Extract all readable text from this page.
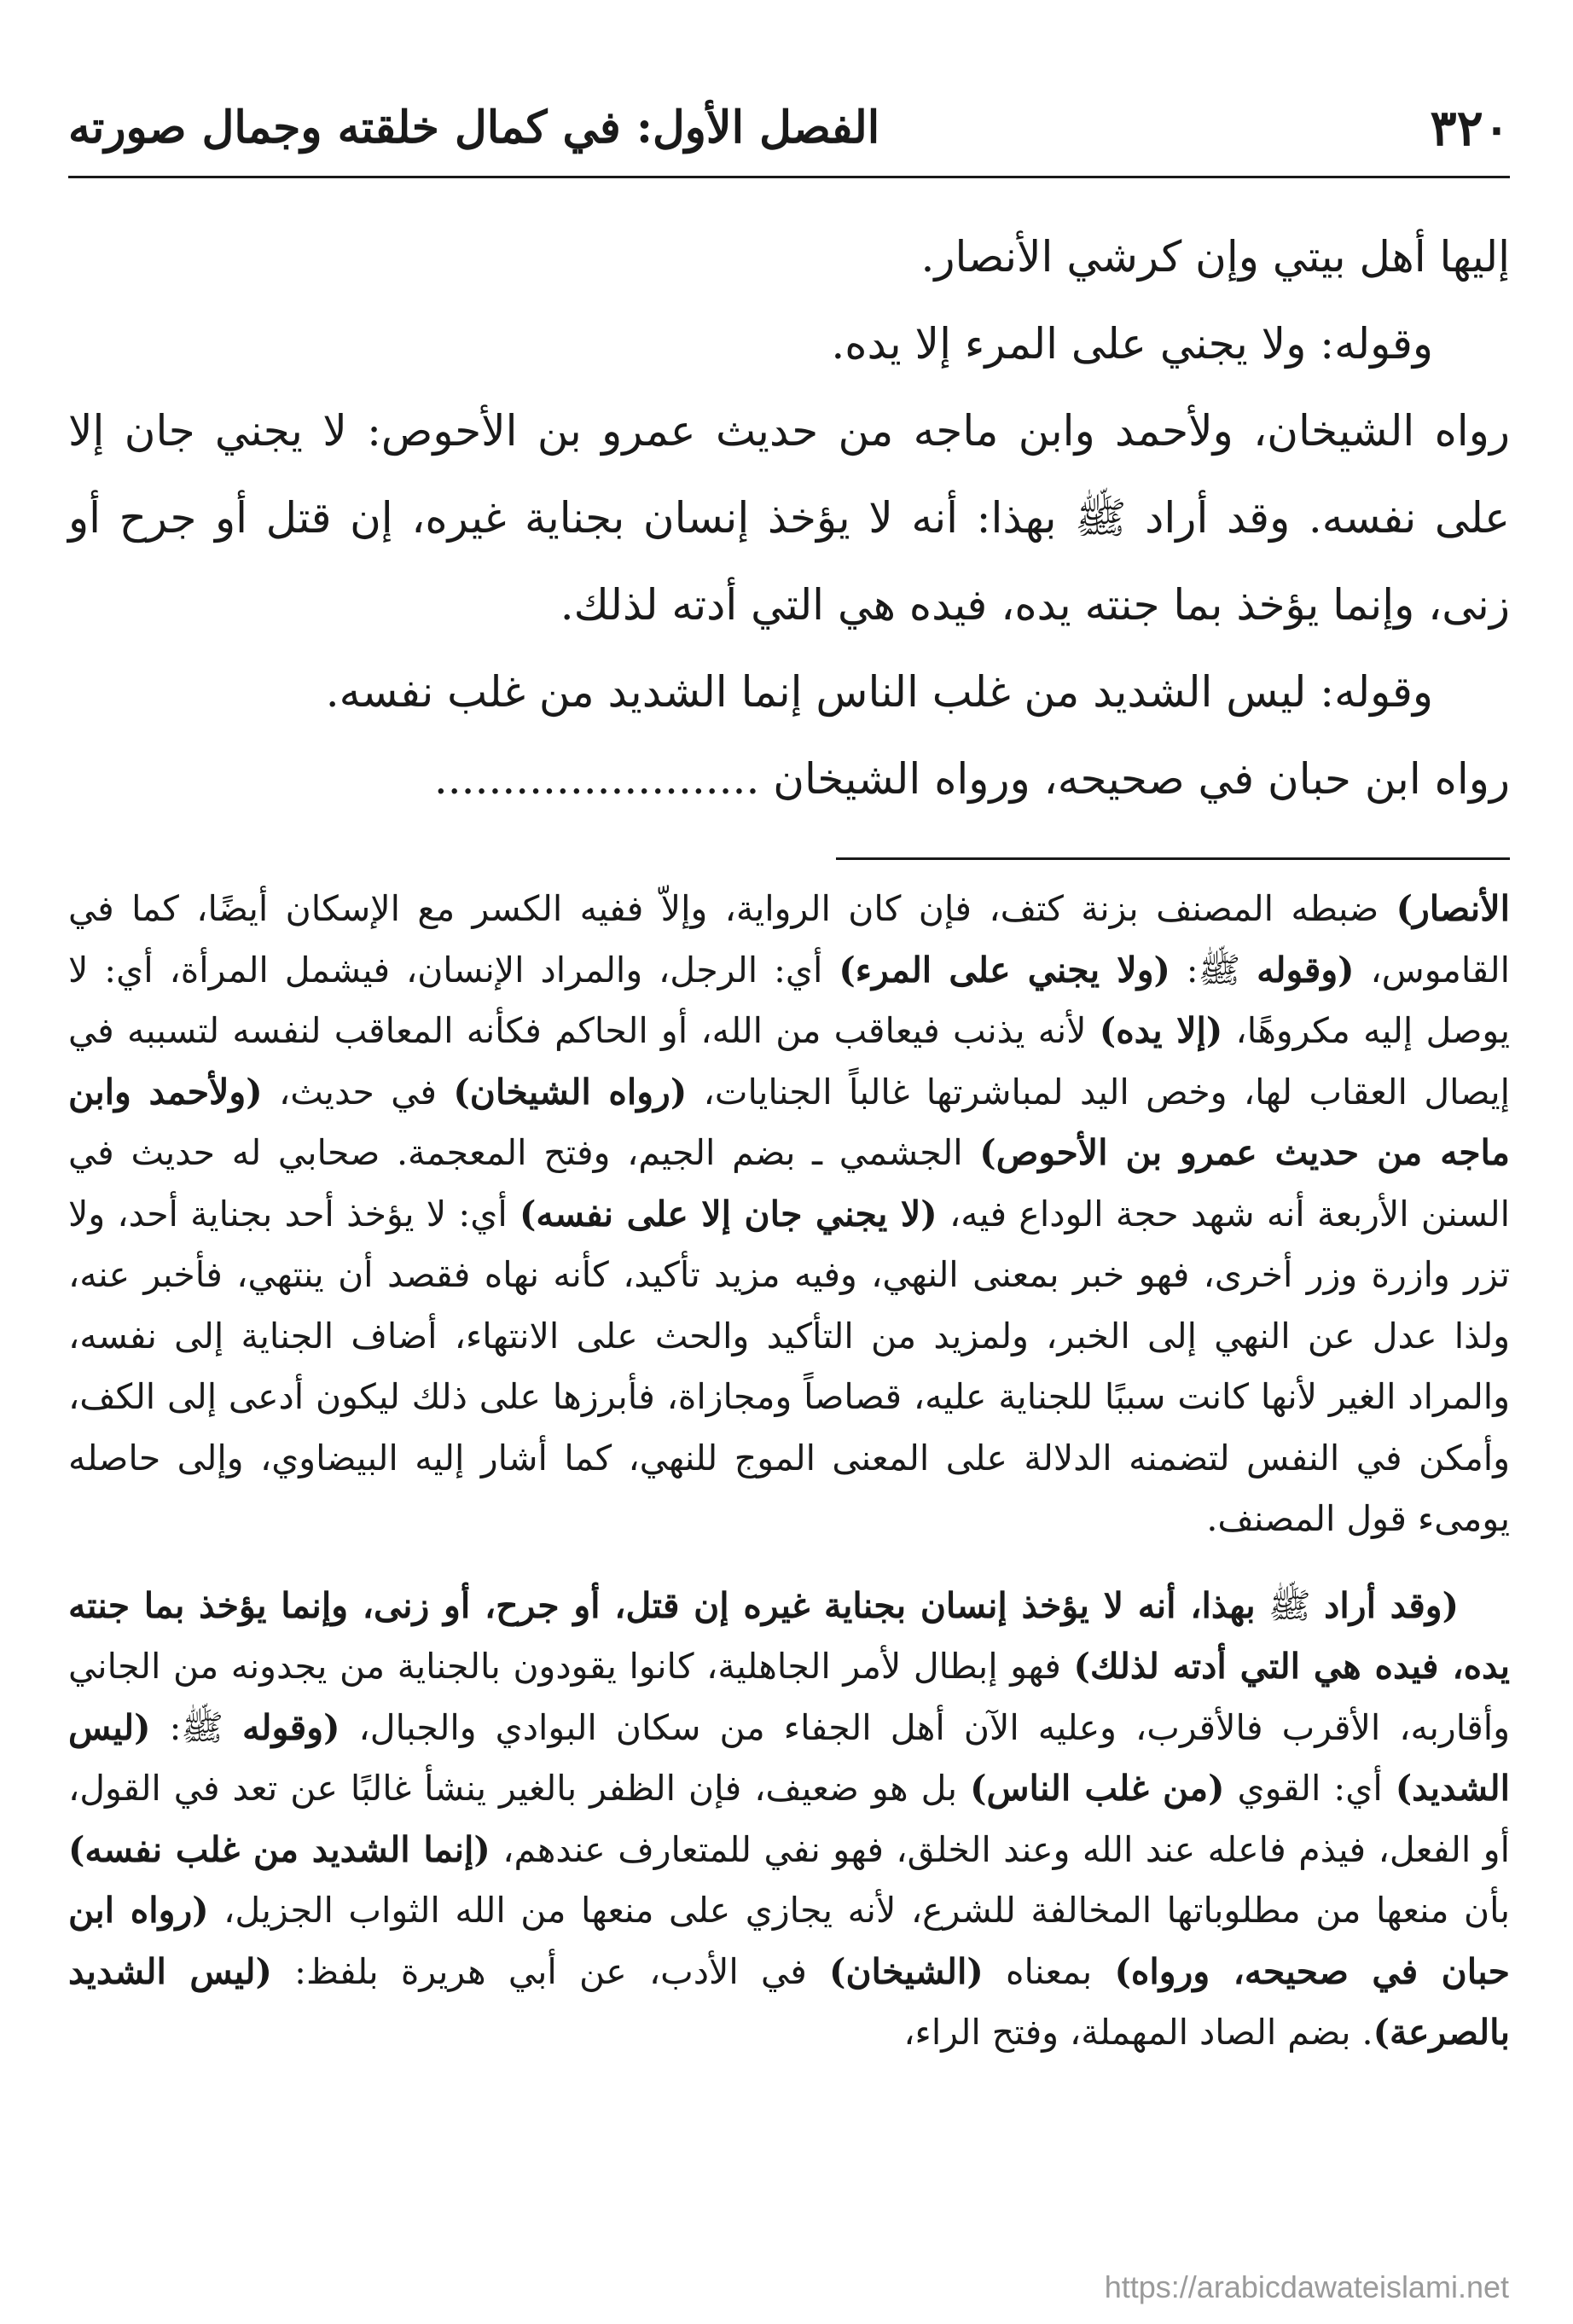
٣٢٠
الفصل الأول: في كمال خلقته وجمال صورته

إليها أهل بيتي وإن كرشي الأنصار.

وقوله: ولا يجني على المرء إلا يده.

رواه الشيخان، ولأحمد وابن ماجه من حديث عمرو بن الأحوص: لا يجني جان إلا على نفسه. وقد أراد ﷺ بهذا: أنه لا يؤخذ إنسان بجناية غيره، إن قتل أو جرح أو زنى، وإنما يؤخذ بما جنته يده، فيده هي التي أدته لذلك.

وقوله: ليس الشديد من غلب الناس إنما الشديد من غلب نفسه.

رواه ابن حبان في صحيحه، ورواه الشيخان ........................

الأنصار) ضبطه المصنف بزنة كتف، فإن كان الرواية، وإلاّ ففيه الكسر مع الإسكان أيضًا، كما في القاموس، (وقوله ﷺ: (ولا يجني على المرء) أي: الرجل، والمراد الإنسان، فيشمل المرأة، أي: لا يوصل إليه مكروهًا، (إلا يده) لأنه يذنب فيعاقب من الله، أو الحاكم فكأنه المعاقب لنفسه لتسببه في إيصال العقاب لها، وخص اليد لمباشرتها غالباً الجنايات، (رواه الشيخان) في حديث، (ولأحمد وابن ماجه من حديث عمرو بن الأحوص) الجشمي ـ بضم الجيم، وفتح المعجمة. صحابي له حديث في السنن الأربعة أنه شهد حجة الوداع فيه، (لا يجني جان إلا على نفسه) أي: لا يؤخذ أحد بجناية أحد، ولا تزر وازرة وزر أخرى، فهو خبر بمعنى النهي، وفيه مزيد تأكيد، كأنه نهاه فقصد أن ينتهي، فأخبر عنه، ولذا عدل عن النهي إلى الخبر، ولمزيد من التأكيد والحث على الانتهاء، أضاف الجناية إلى نفسه، والمراد الغير لأنها كانت سببًا للجناية عليه، قصاصاً ومجازاة، فأبرزها على ذلك ليكون أدعى إلى الكف، وأمكن في النفس لتضمنه الدلالة على المعنى الموج للنهي، كما أشار إليه البيضاوي، وإلى حاصله يومىء قول المصنف.

(وقد أراد ﷺ بهذا، أنه لا يؤخذ إنسان بجناية غيره إن قتل، أو جرح، أو زنى، وإنما يؤخذ بما جنته يده، فيده هي التي أدته لذلك) فهو إبطال لأمر الجاهلية، كانوا يقودون بالجناية من يجدونه من الجاني وأقاربه، الأقرب فالأقرب، وعليه الآن أهل الجفاء من سكان البوادي والجبال، (وقوله ﷺ: (ليس الشديد) أي: القوي (من غلب الناس) بل هو ضعيف، فإن الظفر بالغير ينشأ غالبًا عن تعد في القول، أو الفعل، فيذم فاعله عند الله وعند الخلق، فهو نفي للمتعارف عندهم، (إنما الشديد من غلب نفسه) بأن منعها من مطلوباتها المخالفة للشرع، لأنه يجازي على منعها من الله الثواب الجزيل، (رواه ابن حبان في صحيحه، ورواه) بمعناه (الشيخان) في الأدب، عن أبي هريرة بلفظ: (ليس الشديد بالصرعة). بضم الصاد المهملة، وفتح الراء،

https://arabicdawateislami.net
